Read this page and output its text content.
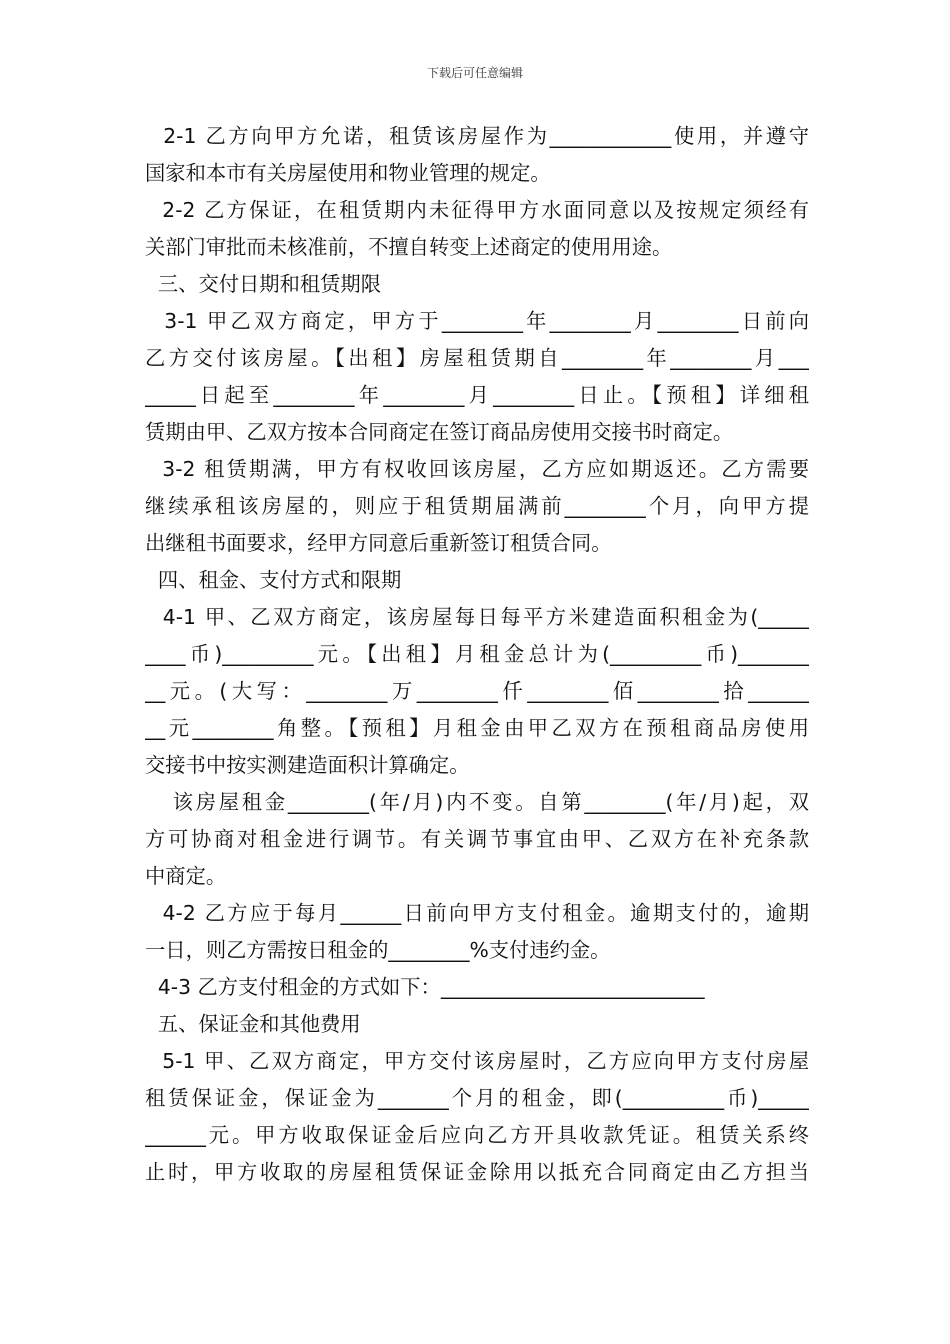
下载后可任意编辑
2-1 乙方向甲方允诺，租赁该房屋作为____________使用，并遵守
国家和本市有关房屋使用和物业管理的规定。
2-2 乙方保证，在租赁期内未征得甲方水面同意以及按规定须经有
关部门审批而未核准前，不擅自转变上述商定的使用用途。
三、交付日期和租赁期限
3-1 甲乙双方商定，甲方于________年________月________日前向
乙方交付该房屋。【出租】房屋租赁期自________年________月___
_____日起至________年________月________日止。【预租】详细租
赁期由甲、乙双方按本合同商定在签订商品房使用交接书时商定。
3-2 租赁期满，甲方有权收回该房屋，乙方应如期返还。乙方需要
继续承租该房屋的，则应于租赁期届满前________个月，向甲方提
出继租书面要求，经甲方同意后重新签订租赁合同。
四、租金、支付方式和限期
4-1 甲、乙双方商定，该房屋每日每平方米建造面积租金为(_____
____币)_________元。【出租】月租金总计为(_________币)_______
__元。(大写：________万________仟________佰________拾______
__元________角整。【预租】月租金由甲乙双方在预租商品房使用
交接书中按实测建造面积计算确定。
该房屋租金________(年/月)内不变。自第________(年/月)起，双
方可协商对租金进行调节。有关调节事宜由甲、乙双方在补充条款
中商定。
4-2 乙方应于每月______日前向甲方支付租金。逾期支付的，逾期
一日，则乙方需按日租金的________%支付违约金。
4-3 乙方支付租金的方式如下：__________________________
五、保证金和其他费用
5-1 甲、乙双方商定，甲方交付该房屋时，乙方应向甲方支付房屋
租赁保证金，保证金为_______个月的租金，即(__________币)_____
______元。甲方收取保证金后应向乙方开具收款凭证。租赁关系终
止时，甲方收取的房屋租赁保证金除用以抵充合同商定由乙方担当
